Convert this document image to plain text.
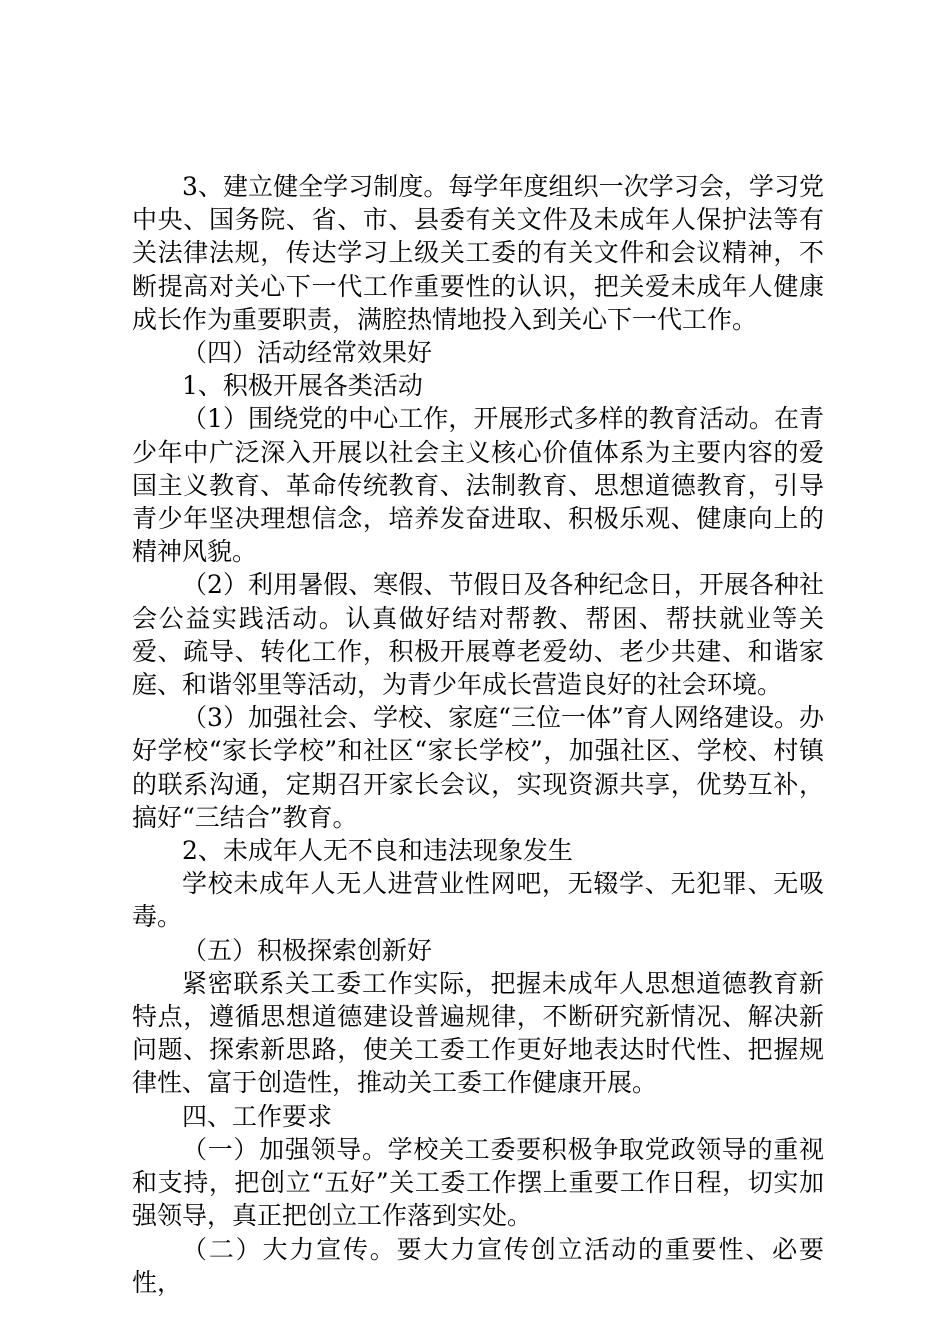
3、建立健全学习制度。每学年度组织一次学习会，学习党中央、国务院、省、市、县委有关文件及未成年人保护法等有关法律法规，传达学习上级关工委的有关文件和会议精神，不断提高对关心下一代工作重要性的认识，把关爱未成年人健康成长作为重要职责，满腔热情地投入到关心下一代工作。

（四）活动经常效果好

1、积极开展各类活动

（1）围绕党的中心工作，开展形式多样的教育活动。在青少年中广泛深入开展以社会主义核心价值体系为主要内容的爱国主义教育、革命传统教育、法制教育、思想道德教育，引导青少年坚决理想信念，培养发奋进取、积极乐观、健康向上的精神风貌。

（2）利用暑假、寒假、节假日及各种纪念日，开展各种社会公益实践活动。认真做好结对帮教、帮困、帮扶就业等关爱、疏导、转化工作，积极开展尊老爱幼、老少共建、和谐家庭、和谐邻里等活动，为青少年成长营造良好的社会环境。

（3）加强社会、学校、家庭“三位一体”育人网络建设。办好学校“家长学校”和社区“家长学校”，加强社区、学校、村镇的联系沟通，定期召开家长会议，实现资源共享，优势互补，搞好“三结合”教育。

2、未成年人无不良和违法现象发生

学校未成年人无人进营业性网吧，无辍学、无犯罪、无吸毒。

（五）积极探索创新好

紧密联系关工委工作实际，把握未成年人思想道德教育新特点，遵循思想道德建设普遍规律，不断研究新情况、解决新问题、探索新思路，使关工委工作更好地表达时代性、把握规律性、富于创造性，推动关工委工作健康开展。

四、工作要求

（一）加强领导。学校关工委要积极争取党政领导的重视和支持，把创立“五好”关工委工作摆上重要工作日程，切实加强领导，真正把创立工作落到实处。

（二）大力宣传。要大力宣传创立活动的重要性、必要性，
